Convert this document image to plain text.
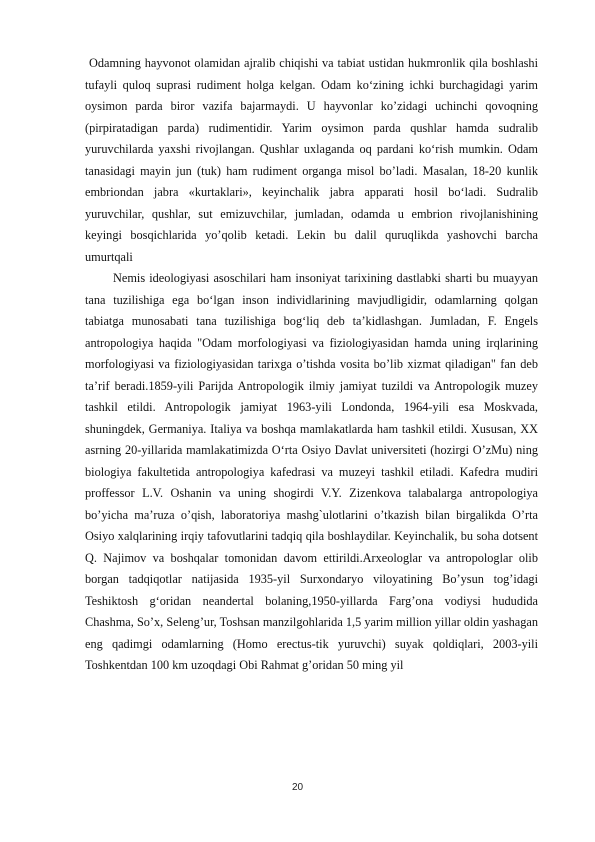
Odamning hayvonot olamidan ajralib chiqishi va tabiat ustidan hukmronlik qila boshlashi tufayli quloq suprasi rudiment holga kelgan. Odam ko‘zining ichki burchagidagi yarim oysimon parda biror vazifa bajarmaydi. U hayvonlar ko’zidagi uchinchi qovoqning (pirpiratadigan parda) rudimentidir. Yarim oysimon parda qushlar hamda sudralib yuruvchilarda yaxshi rivojlangan. Qushlar uxlaganda oq pardani ko‘rish mumkin. Odam tanasidagi mayin jun (tuk) ham rudiment organga misol bo’ladi. Masalan, 18-20 kunlik embriondan jabra «kurtaklari», keyinchalik jabra apparati hosil bo‘ladi. Sudralib yuruvchilar, qushlar, sut emizuvchilar, jumladan, odamda u embrion rivojlanishining keyingi bosqichlarida yo’qolib ketadi. Lekin bu dalil quruqlikda yashovchi barcha umurtqali

Nemis ideologiyasi asoschilari ham insoniyat tarixining dastlabki sharti bu muayyan tana tuzilishiga ega bo‘lgan inson individlarining mavjudligidir, odamlarning qolgan tabiatga munosabati tana tuzilishiga bog‘liq deb ta’kidlashgan. Jumladan, F. Engels antropologiya haqida "Odam morfologiyasi va fiziologiyasidan hamda uning irqlarining morfologiyasi va fiziologiyasidan tarixga o’tishda vosita bo’lib xizmat qiladigan" fan deb ta’rif beradi.1859-yili Parijda Antropologik ilmiy jamiyat tuzildi va Antropologik muzey tashkil etildi. Antropologik jamiyat 1963-yili Londonda, 1964-yili esa Moskvada, shuningdek, Germaniya. Italiya va boshqa mamlakatlarda ham tashkil etildi. Xususan, XX asrning 20-yillarida mamlakatimizda O‘rta Osiyo Davlat universiteti (hozirgi O’zMu) ning biologiya fakultetida antropologiya kafedrasi va muzeyi tashkil etiladi. Kafedra mudiri proffessor L.V. Oshanin va uning shogirdi V.Y. Zizenkova talabalarga antropologiya bo’yicha ma’ruza o’qish, laboratoriya mashg`ulotlarini o’tkazish bilan birgalikda O’rta Osiyo xalqlarining irqiy tafovutlarini tadqiq qila boshlaydilar. Keyinchalik, bu soha dotsent Q. Najimov va boshqalar tomonidan davom ettirildi.Arxeologlar va antropologlar olib borgan tadqiqotlar natijasida 1935-yil Surxondaryo viloyatining Bo’ysun tog’idagi Teshiktosh g‘oridan neandertal bolaning,1950-yillarda Farg’ona vodiysi hududida Chashma, So’x, Seleng’ur, Toshsan manzilgohlarida 1,5 yarim million yillar oldin yashagan eng qadimgi odamlarning (Homo erectus-tik yuruvchi) suyak qoldiqlari, 2003-yili Toshkentdan 100 km uzoqdagi Obi Rahmat g’oridan 50 ming yil

20
